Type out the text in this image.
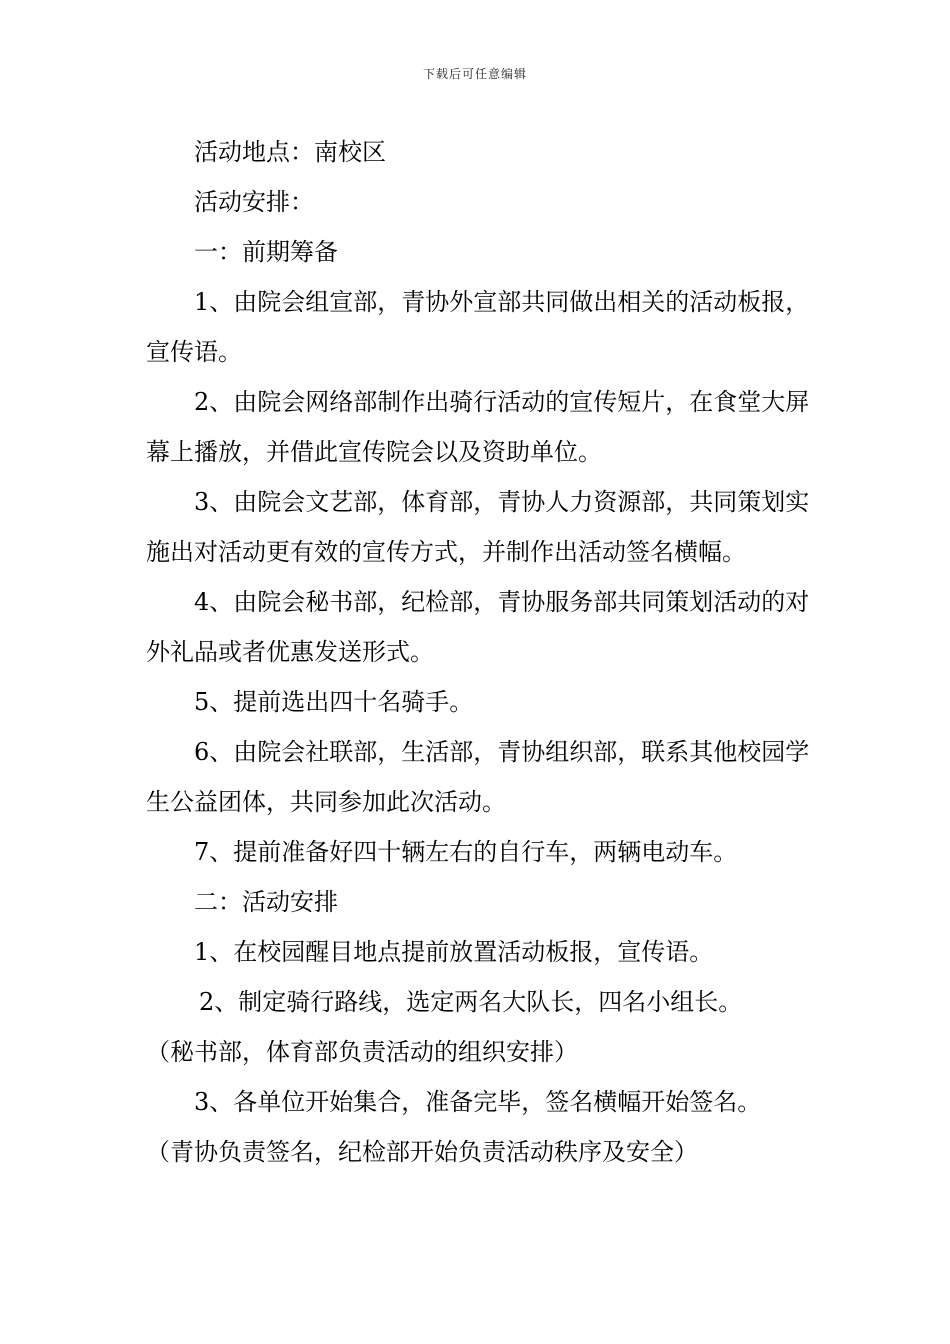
下载后可任意编辑

活动地点：南校区

活动安排：

一：前期筹备

1、由院会组宣部，青协外宣部共同做出相关的活动板报，宣传语。

2、由院会网络部制作出骑行活动的宣传短片，在食堂大屏幕上播放，并借此宣传院会以及资助单位。

3、由院会文艺部，体育部，青协人力资源部，共同策划实施出对活动更有效的宣传方式，并制作出活动签名横幅。

4、由院会秘书部，纪检部，青协服务部共同策划活动的对外礼品或者优惠发送形式。

5、提前选出四十名骑手。

6、由院会社联部，生活部，青协组织部，联系其他校园学生公益团体，共同参加此次活动。

7、提前准备好四十辆左右的自行车，两辆电动车。

二：活动安排

1、在校园醒目地点提前放置活动板报，宣传语。

2、制定骑行路线，选定两名大队长，四名小组长。

（秘书部，体育部负责活动的组织安排）

3、各单位开始集合，准备完毕，签名横幅开始签名。

（青协负责签名，纪检部开始负责活动秩序及安全）
